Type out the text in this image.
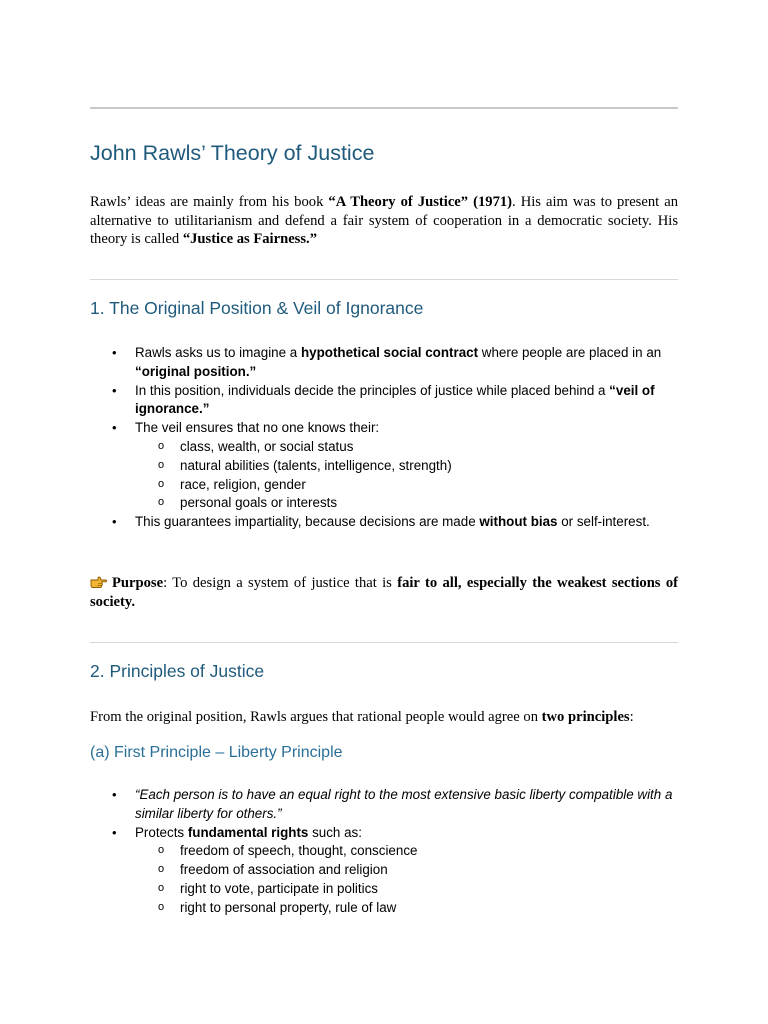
John Rawls’ Theory of Justice
Rawls’ ideas are mainly from his book “A Theory of Justice” (1971). His aim was to present an alternative to utilitarianism and defend a fair system of cooperation in a democratic society. His theory is called “Justice as Fairness.”
1. The Original Position & Veil of Ignorance
• Rawls asks us to imagine a hypothetical social contract where people are placed in an “original position.”
• In this position, individuals decide the principles of justice while placed behind a “veil of ignorance.”
• The veil ensures that no one knows their:
o class, wealth, or social status
o natural abilities (talents, intelligence, strength)
o race, religion, gender
o personal goals or interests
• This guarantees impartiality, because decisions are made without bias or self-interest.
Purpose: To design a system of justice that is fair to all, especially the weakest sections of society.
2. Principles of Justice
From the original position, Rawls argues that rational people would agree on two principles:
(a) First Principle – Liberty Principle
• “Each person is to have an equal right to the most extensive basic liberty compatible with a similar liberty for others.”
• Protects fundamental rights such as:
o freedom of speech, thought, conscience
o freedom of association and religion
o right to vote, participate in politics
o right to personal property, rule of law
